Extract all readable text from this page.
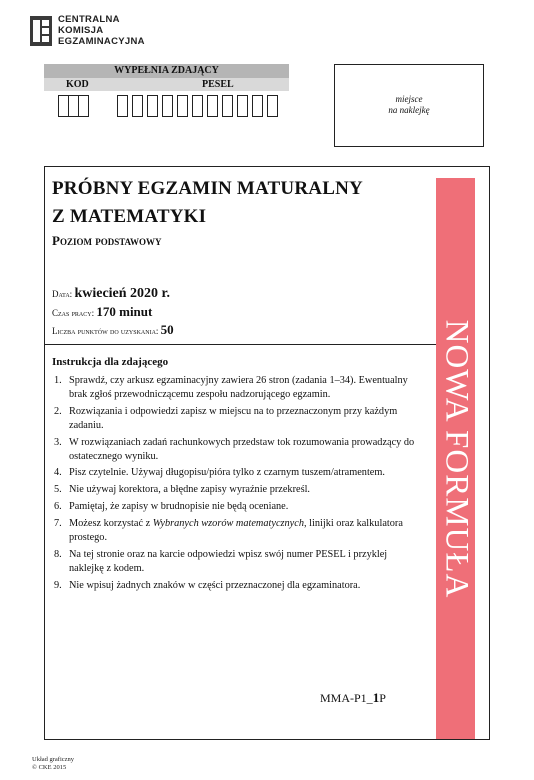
CENTRALNA
KOMISJA
EGZAMINACYJNA
WYPEŁNIA ZDAJĄCY
KOD	PESEL
miejsce
na naklejkę
NOWA FORMUŁA
PRÓBNY EGZAMIN MATURALNY
Z MATEMATYKI
Poziom podstawowy
Data: kwiecień 2020 r.
Czas pracy: 170 minut
Liczba punktów do uzyskania: 50
Instrukcja dla zdającego
1. Sprawdź, czy arkusz egzaminacyjny zawiera 26 stron (zadania 1–34). Ewentualny brak zgłoś przewodniczącemu zespołu nadzorującego egzamin.
2. Rozwiązania i odpowiedzi zapisz w miejscu na to przeznaczonym przy każdym zadaniu.
3. W rozwiązaniach zadań rachunkowych przedstaw tok rozumowania prowadzący do ostatecznego wyniku.
4. Pisz czytelnie. Używaj długopisu/pióra tylko z czarnym tuszem/atramentem.
5. Nie używaj korektora, a błędne zapisy wyraźnie przekreśl.
6. Pamiętaj, że zapisy w brudnopisie nie będą oceniane.
7. Możesz korzystać z Wybranych wzorów matematycznych, linijki oraz kalkulatora prostego.
8. Na tej stronie oraz na karcie odpowiedzi wpisz swój numer PESEL i przyklej naklejkę z kodem.
9. Nie wpisuj żadnych znaków w części przeznaczonej dla egzaminatora.
MMA-P1_1P
Układ graficzny
© CKE 2015
